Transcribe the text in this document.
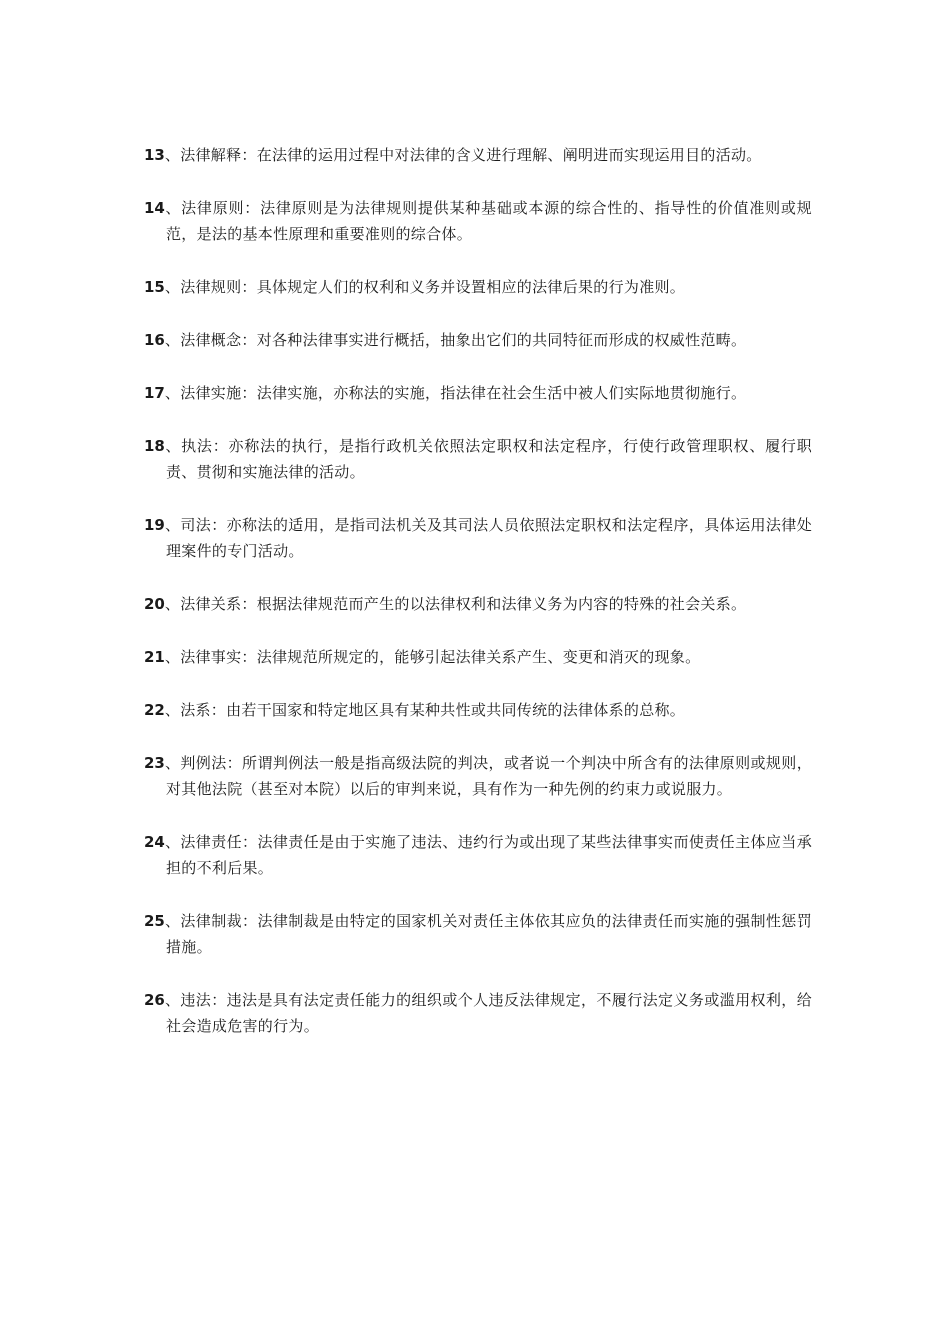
13、法律解释：在法律的运用过程中对法律的含义进行理解、阐明进而实现运用目的活动。
14、法律原则：法律原则是为法律规则提供某种基础或本源的综合性的、指导性的价值准则或规范，是法的基本性原理和重要准则的综合体。
15、法律规则：具体规定人们的权利和义务并设置相应的法律后果的行为准则。
16、法律概念：对各种法律事实进行概括，抽象出它们的共同特征而形成的权威性范畴。
17、法律实施：法律实施，亦称法的实施，指法律在社会生活中被人们实际地贯彻施行。
18、执法：亦称法的执行，是指行政机关依照法定职权和法定程序，行使行政管理职权、履行职责、贯彻和实施法律的活动。
19、司法：亦称法的适用，是指司法机关及其司法人员依照法定职权和法定程序，具体运用法律处理案件的专门活动。
20、法律关系：根据法律规范而产生的以法律权利和法律义务为内容的特殊的社会关系。
21、法律事实：法律规范所规定的，能够引起法律关系产生、变更和消灭的现象。
22、法系：由若干国家和特定地区具有某种共性或共同传统的法律体系的总称。
23、判例法：所谓判例法一般是指高级法院的判决，或者说一个判决中所含有的法律原则或规则，对其他法院（甚至对本院）以后的审判来说，具有作为一种先例的约束力或说服力。
24、法律责任：法律责任是由于实施了违法、违约行为或出现了某些法律事实而使责任主体应当承担的不利后果。
25、法律制裁：法律制裁是由特定的国家机关对责任主体依其应负的法律责任而实施的强制性惩罚措施。
26、违法：违法是具有法定责任能力的组织或个人违反法律规定，不履行法定义务或滥用权利，给社会造成危害的行为。
